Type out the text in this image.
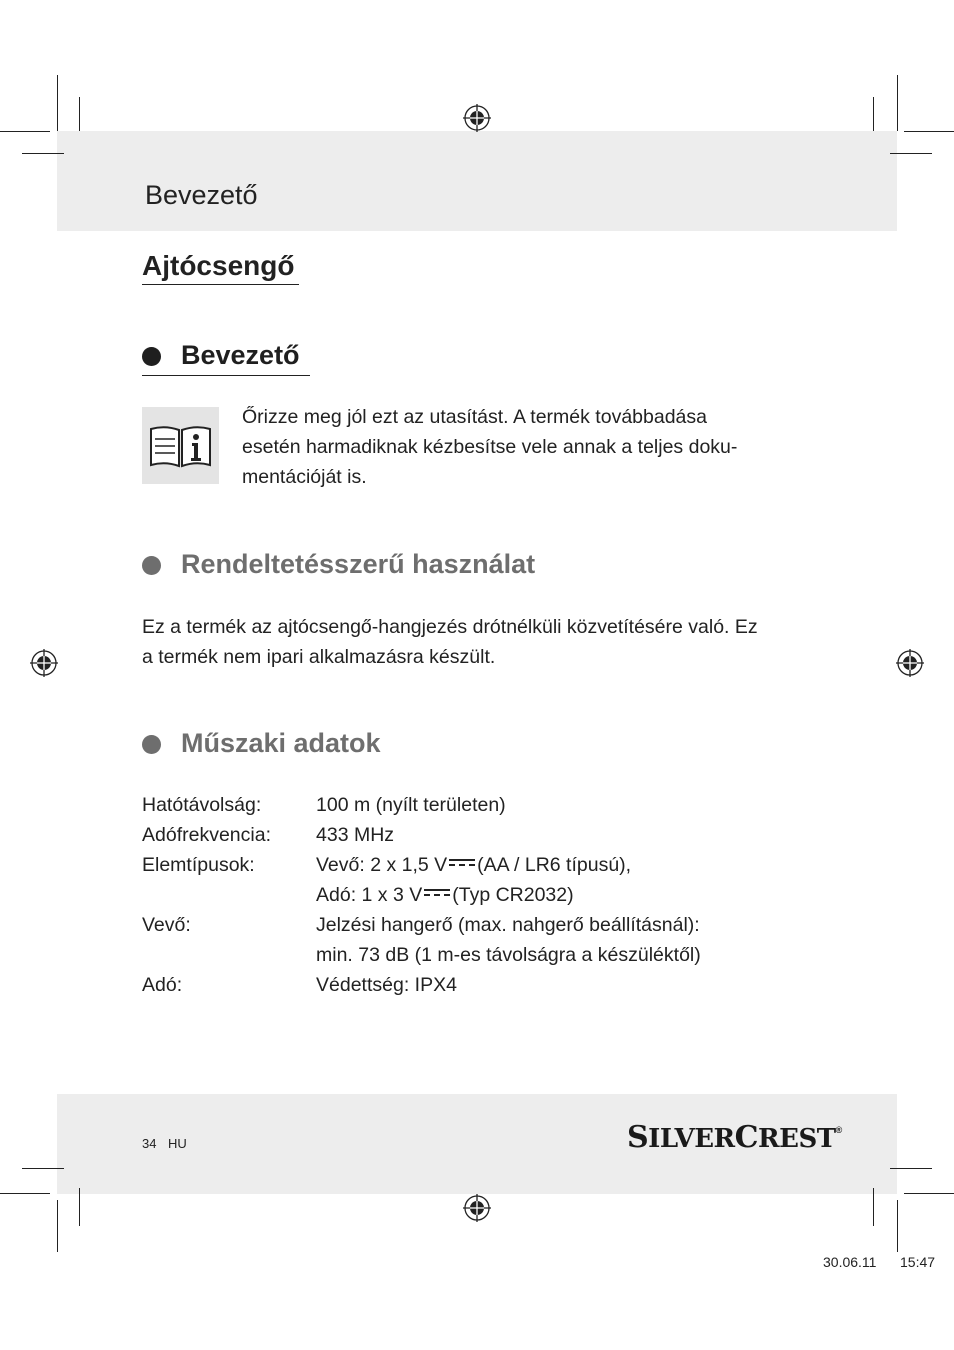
Bevezető
Ajtócsengő
Bevezető
Őrizze meg jól ezt az utasítást. A termék továbbadása
esetén harmadiknak kézbesítse vele annak a teljes doku-
mentációját is.
Rendeltetésszerű használat
Ez a termék az ajtócsengő-hangjezés drótnélküli közvetítésére való. Ez
a termék nem ipari alkalmazásra készült.
Műszaki adatok
Hatótávolság:	100 m (nyílt területen)
Adófrekvencia: 433 MHz
Elemtípusok:	Vevő: 2 x 1,5 V (AA / LR6 típusú),
Adó: 1 x 3 V (Typ CR2032)
Vevő:	Jelzési hangerő (max. nahgerő beállításnál):
min. 73 dB (1 m-es távolságra a készüléktől)
Adó:	Védettség: IPX4
34 HU	SILVERCREST®
30.06.11 15:47
